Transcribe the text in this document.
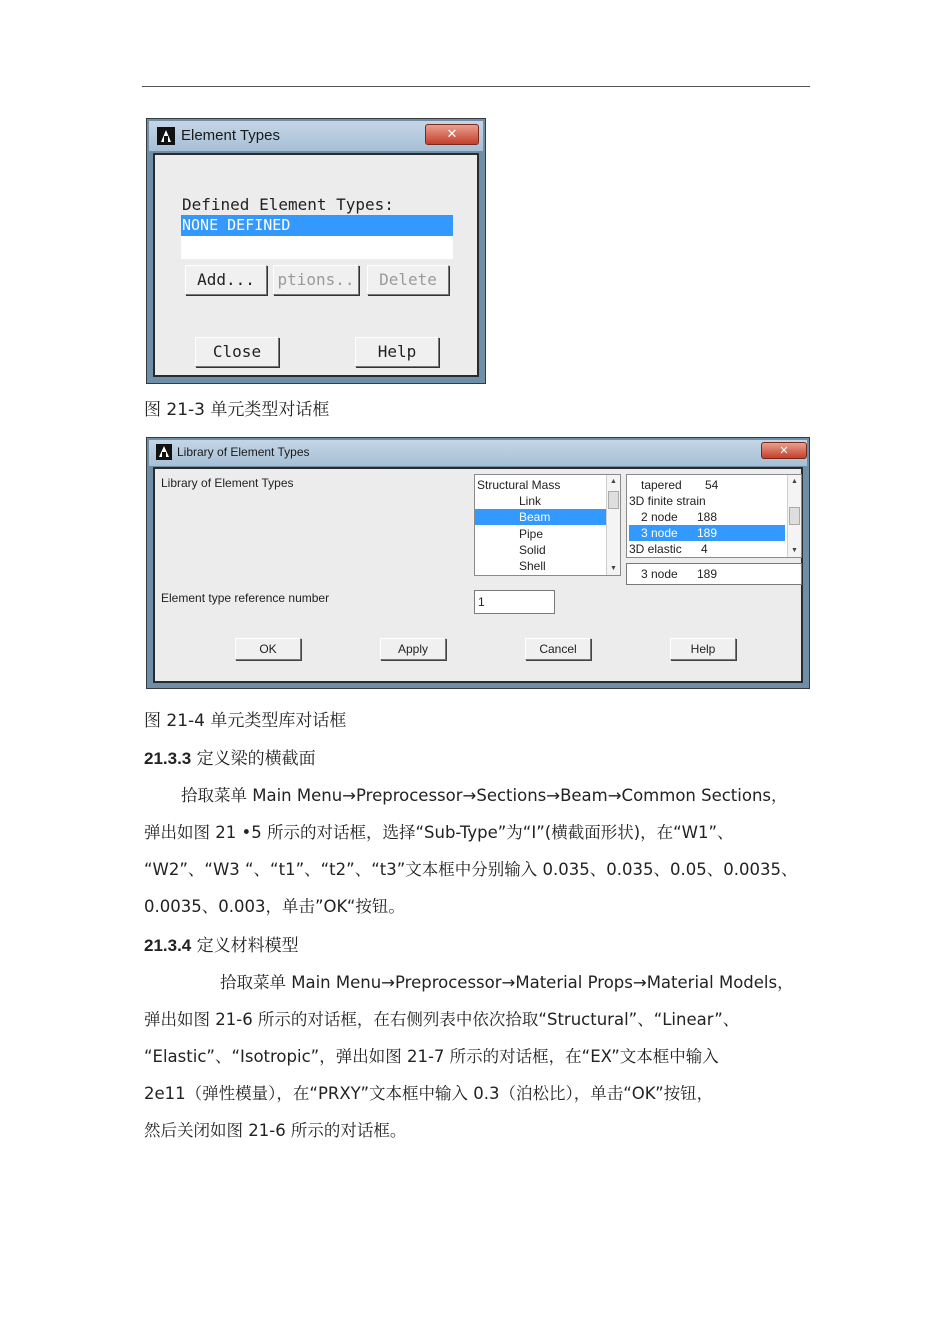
Element Types	✕
Defined Element Types:
NONE DEFINED
Add...	ptions..	Delete
Close	Help
图 21-3 单元类型对话框
Library of Element Types	✕
Library of Element Types
Element type reference number
Structural Mass
Link
Beam
Pipe
Solid
Shell
▲
▼
tapered 54
3D finite strain
2 node 188
3 node 189
3D elastic 4
▲
▼
3 node 189
1
OK	Apply	Cancel	Help
图 21-4 单元类型库对话框
21.3.3 定义梁的横截面
拾取菜单 Main Menu→Preprocessor→Sections→Beam→Common Sections，
弹出如图 21 •5 所示的对话框，选择“Sub-Type”为“I”(横截面形状)，在“W1”、
“W2”、“W3 “、“t1”、“t2”、“t3”文本框中分别输入 0.035、0.035、0.05、0.0035、
0.0035、0.003，单击”OK“按钮。
21.3.4 定义材料模型
拾取菜单 Main Menu→Preprocessor→Material Props→Material Models，
弹出如图 21-6 所示的对话框，在右侧列表中依次拾取“Structural”、“Linear”、
“Elastic”、“Isotropic”，弹出如图 21-7 所示的对话框，在“EX”文本框中输入
2e11（弹性模量），在“PRXY”文本框中输入 0.3（泊松比），单击“OK”按钮，
然后关闭如图 21-6 所示的对话框。
